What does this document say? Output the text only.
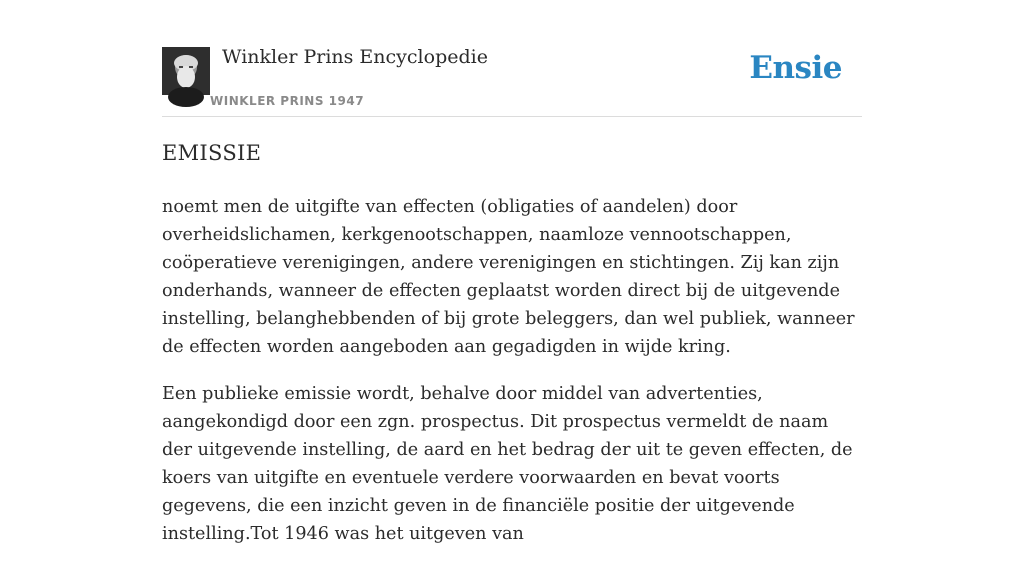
Winkler Prins Encyclopedie
WINKLER PRINS 1947
Ensie
EMISSIE

noemt men de uitgifte van effecten (obligaties of aandelen) door overheidslichamen, kerkgenootschappen, naamloze vennootschappen, coöperatieve verenigingen, andere verenigingen en stichtingen. Zij kan zijn onderhands, wanneer de effecten geplaatst worden direct bij de uitgevende instelling, belanghebbenden of bij grote beleggers, dan wel publiek, wanneer de effecten worden aangeboden aan gegadigden in wijde kring.

Een publieke emissie wordt, behalve door middel van advertenties, aangekondigd door een zgn. prospectus. Dit prospectus vermeldt de naam der uitgevende instelling, de aard en het bedrag der uit te geven effecten, de koers van uitgifte en eventuele verdere voorwaarden en bevat voorts gegevens, die een inzicht geven in de financiële positie der uitgevende instelling.Tot 1946 was het uitgeven van
